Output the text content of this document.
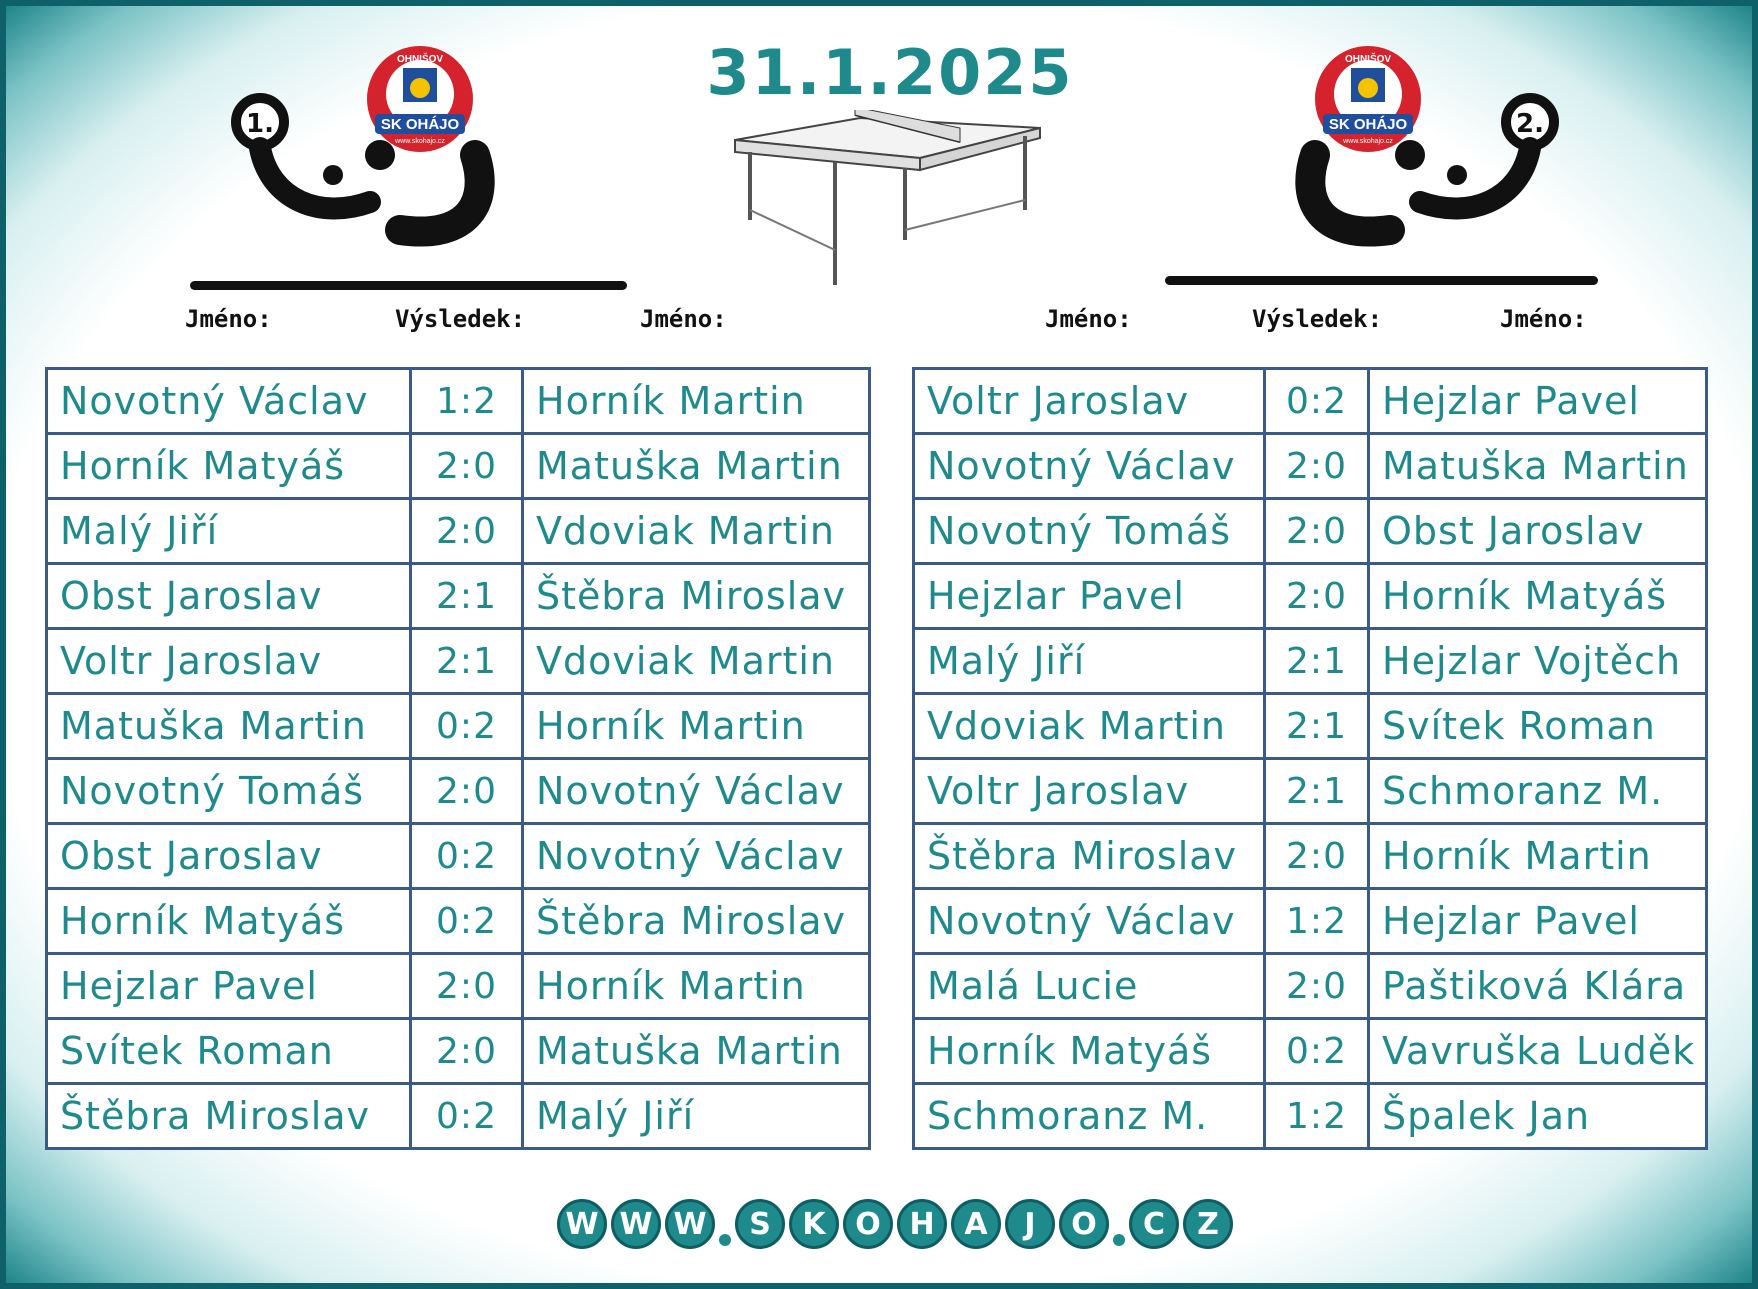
31.1.2025
SK OHÁJO
OHNIŠOV
www.skohajo.cz
SK OHÁJO
OHNIŠOV
www.skohajo.cz
1.	2.
Jméno:	Výsledek:	Jméno:	Jméno:	Výsledek:	Jméno:
Novotný Václav	1:2	Horník Martin
Horník Matyáš	2:0	Matuška Martin
Malý Jiří	2:0	Vdoviak Martin
Obst Jaroslav	2:1	Štěbra Miroslav
Voltr Jaroslav	2:1	Vdoviak Martin
Matuška Martin	0:2	Horník Martin
Novotný Tomáš	2:0	Novotný Václav
Obst Jaroslav	0:2	Novotný Václav
Horník Matyáš	0:2	Štěbra Miroslav
Hejzlar Pavel	2:0	Horník Martin
Svítek Roman	2:0	Matuška Martin
Štěbra Miroslav	0:2	Malý Jiří
Voltr Jaroslav	0:2	Hejzlar Pavel
Novotný Václav	2:0	Matuška Martin
Novotný Tomáš	2:0	Obst Jaroslav
Hejzlar Pavel	2:0	Horník Matyáš
Malý Jiří	2:1	Hejzlar Vojtěch
Vdoviak Martin	2:1	Svítek Roman
Voltr Jaroslav	2:1	Schmoranz M.
Štěbra Miroslav	2:0	Horník Martin
Novotný Václav	1:2	Hejzlar Pavel
Malá Lucie	2:0	Paštiková Klára
Horník Matyáš	0:2	Vavruška Luděk
Schmoranz M.	1:2	Špalek Jan
W W W	S	K O H A	J	O	C	Z
